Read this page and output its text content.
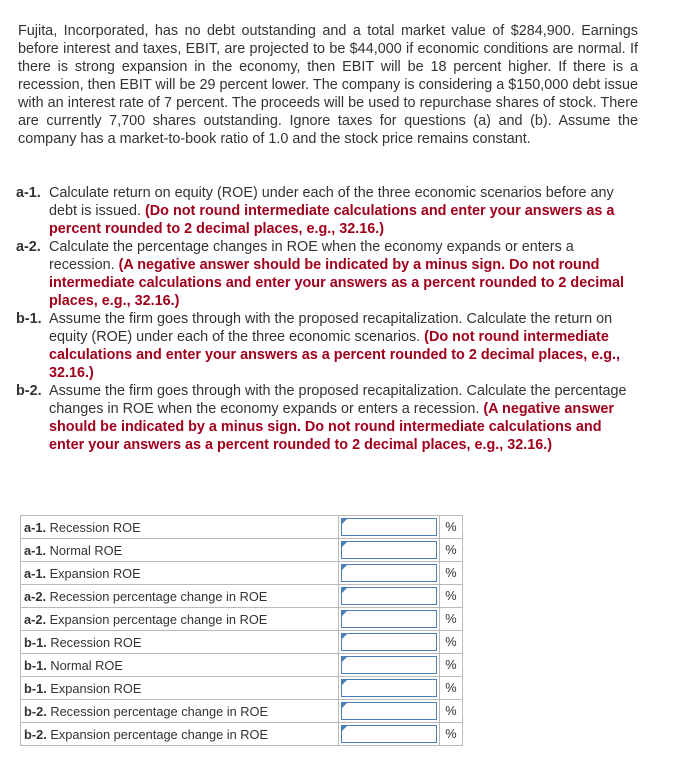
Fujita, Incorporated, has no debt outstanding and a total market value of $284,900. Earnings before interest and taxes, EBIT, are projected to be $44,000 if economic conditions are normal. If there is strong expansion in the economy, then EBIT will be 18 percent higher. If there is a recession, then EBIT will be 29 percent lower. The company is considering a $150,000 debt issue with an interest rate of 7 percent. The proceeds will be used to repurchase shares of stock. There are currently 7,700 shares outstanding. Ignore taxes for questions (a) and (b). Assume the company has a market-to-book ratio of 1.0 and the stock price remains constant.

a-1. Calculate return on equity (ROE) under each of the three economic scenarios before any debt is issued. (Do not round intermediate calculations and enter your answers as a percent rounded to 2 decimal places, e.g., 32.16.)
a-2. Calculate the percentage changes in ROE when the economy expands or enters a recession. (A negative answer should be indicated by a minus sign. Do not round intermediate calculations and enter your answers as a percent rounded to 2 decimal places, e.g., 32.16.)
b-1. Assume the firm goes through with the proposed recapitalization. Calculate the return on equity (ROE) under each of the three economic scenarios. (Do not round intermediate calculations and enter your answers as a percent rounded to 2 decimal places, e.g., 32.16.)
b-2. Assume the firm goes through with the proposed recapitalization. Calculate the percentage changes in ROE when the economy expands or enters a recession. (A negative answer should be indicated by a minus sign. Do not round intermediate calculations and enter your answers as a percent rounded to 2 decimal places, e.g., 32.16.)
a-1. Recession ROE		%
a-1. Normal ROE		%
a-1. Expansion ROE		%
a-2. Recession percentage change in ROE		%
a-2. Expansion percentage change in ROE		%
b-1. Recession ROE		%
b-1. Normal ROE		%
b-1. Expansion ROE		%
b-2. Recession percentage change in ROE		%
b-2. Expansion percentage change in ROE		%
